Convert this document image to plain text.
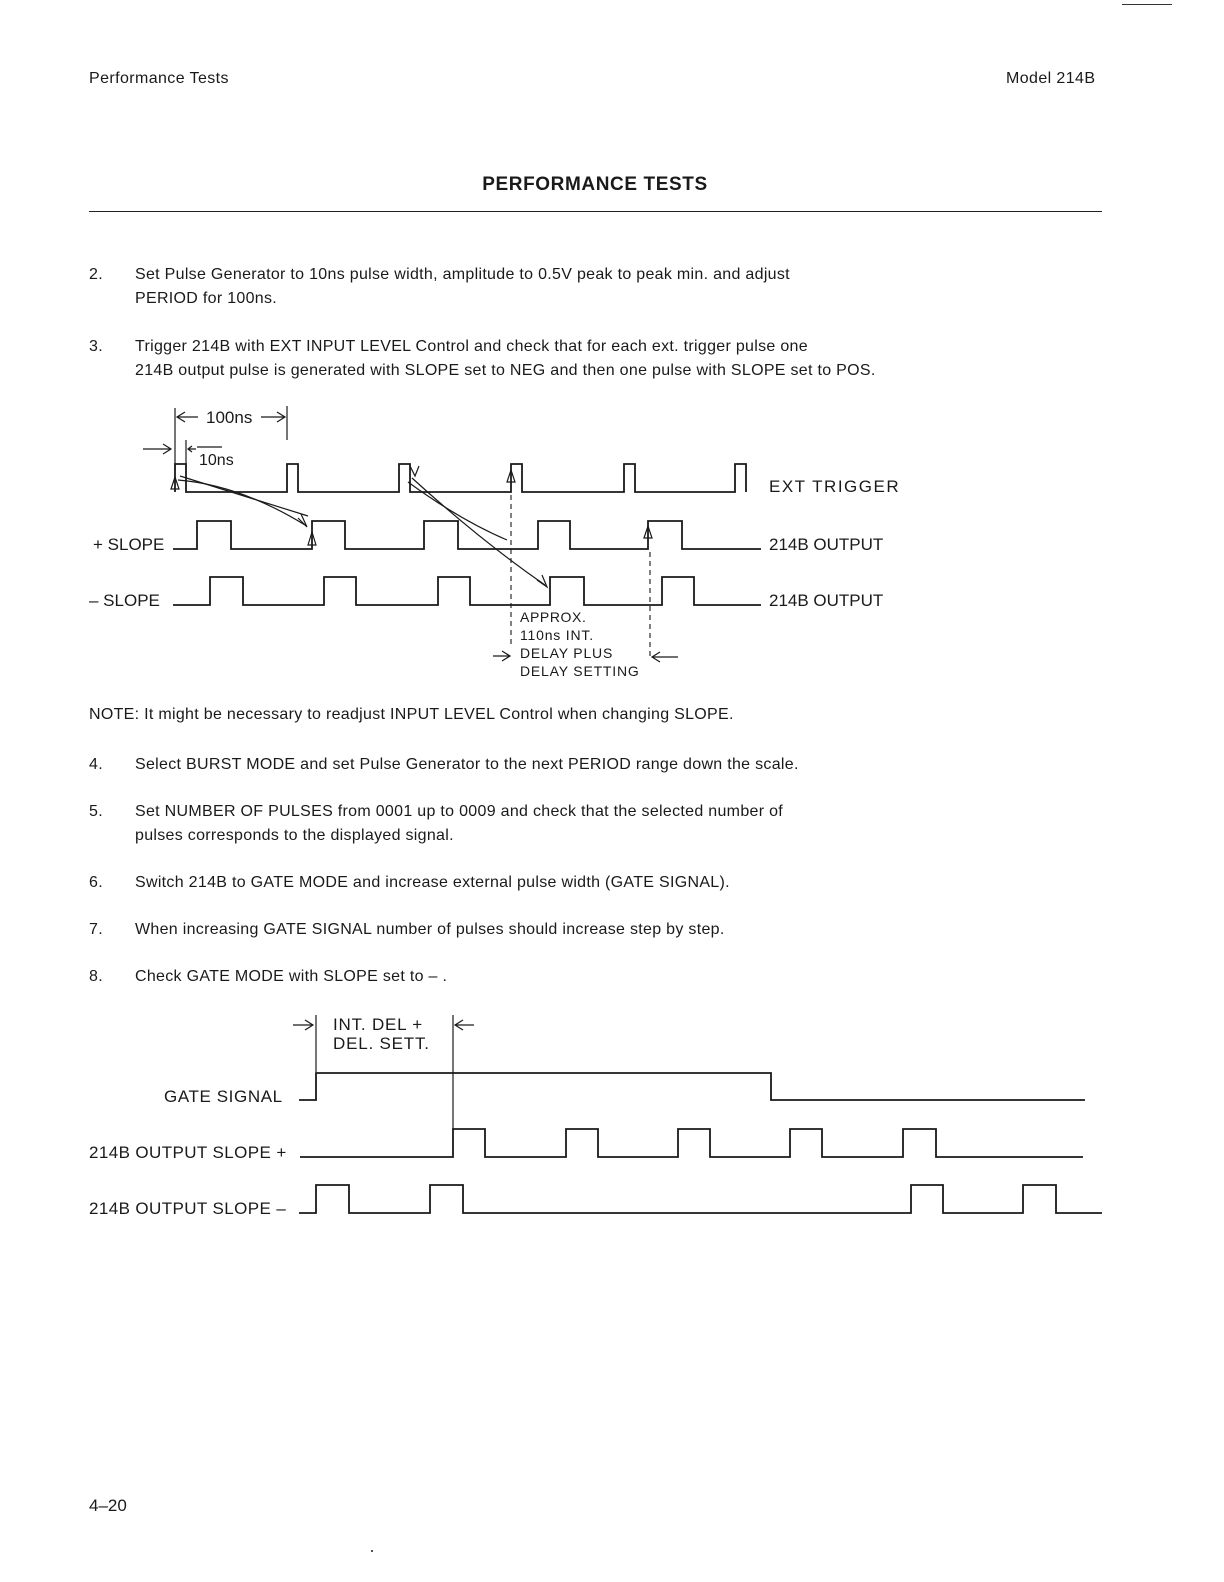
Performance Tests	Model 214B
PERFORMANCE TESTS
2. Set Pulse Generator to 10ns pulse width, amplitude to 0.5V peak to peak min. and adjust
PERIOD for 100ns.
3. Trigger 214B with EXT INPUT LEVEL Control and check that for each ext. trigger pulse one
214B output pulse is generated with SLOPE set to NEG and then one pulse with SLOPE set to POS.
100ns
10ns
EXT TRIGGER
+ SLOPE	214B OUTPUT
– SLOPE	214B OUTPUT
APPROX.
110ns INT.
DELAY PLUS
DELAY SETTING
NOTE: It might be necessary to readjust INPUT LEVEL Control when changing SLOPE.
4. Select BURST MODE and set Pulse Generator to the next PERIOD range down the scale.
5. Set NUMBER OF PULSES from 0001 up to 0009 and check that the selected number of
pulses corresponds to the displayed signal.
6. Switch 214B to GATE MODE and increase external pulse width (GATE SIGNAL).
7. When increasing GATE SIGNAL number of pulses should increase step by step.
8. Check GATE MODE with SLOPE set to – .
INT. DEL +
DEL. SETT.
GATE SIGNAL
214B OUTPUT SLOPE +
214B OUTPUT SLOPE –
4–20
